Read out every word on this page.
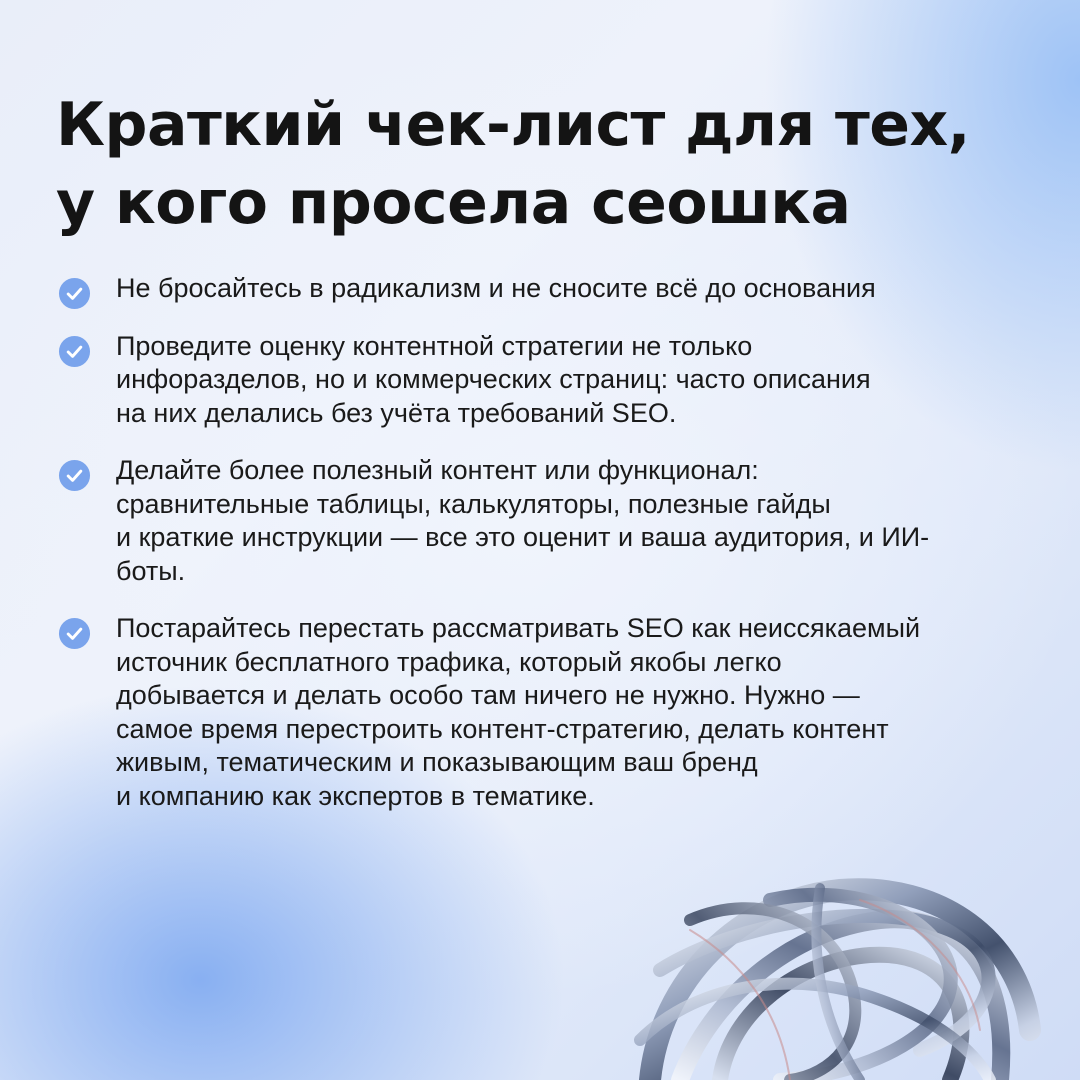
Краткий чек-лист для тех,
у кого просела сеошка
Не бросайтесь в радикализм и не сносите всё до основания
Проведите оценку контентной стратегии не только
инфоразделов, но и коммерческих страниц: часто описания
на них делались без учёта требований SEO.
Делайте более полезный контент или функционал:
сравнительные таблицы, калькуляторы, полезные гайды
и краткие инструкции — все это оценит и ваша аудитория, и ИИ-
боты.
Постарайтесь перестать рассматривать SEO как неиссякаемый
источник бесплатного трафика, который якобы легко
добывается и делать особо там ничего не нужно. Нужно —
самое время перестроить контент-стратегию, делать контент
живым, тематическим и показывающим ваш бренд
и компанию как экспертов в тематике.
